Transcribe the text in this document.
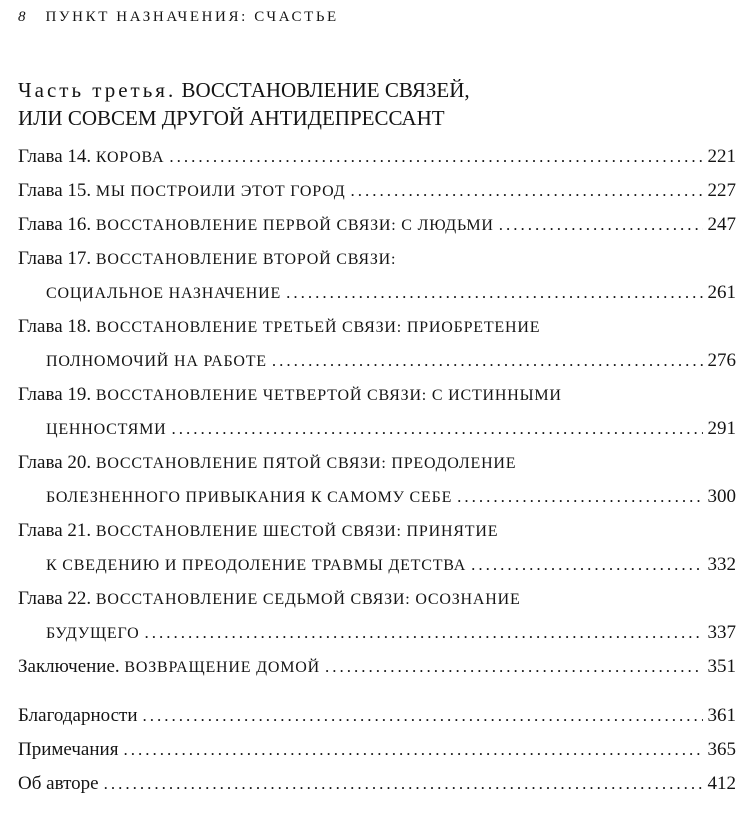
8 ПУНКТ НАЗНАЧЕНИЯ: СЧАСТЬЕ
Часть третья. ВОССТАНОВЛЕНИЕ СВЯЗЕЙ,
ИЛИ СОВСЕМ ДРУГОЙ АНТИДЕПРЕССАНТ
Глава 14.
КОРОВА .....	221
Глава 15.
МЫ ПОСТРОИЛИ ЭТОТ ГОРОД .....	227
Глава 16.
ВОССТАНОВЛЕНИЕ ПЕРВОЙ СВЯЗИ: С ЛЮДЬМИ .....	247
Глава 17.
ВОССТАНОВЛЕНИЕ ВТОРОЙ СВЯЗИ:
СОЦИАЛЬНОЕ НАЗНАЧЕНИЕ .....	261
Глава 18.
ВОССТАНОВЛЕНИЕ ТРЕТЬЕЙ СВЯЗИ: ПРИОБРЕТЕНИЕ
ПОЛНОМОЧИЙ НА РАБОТЕ .....	276
Глава 19.
ВОССТАНОВЛЕНИЕ ЧЕТВЕРТОЙ СВЯЗИ: С ИСТИННЫМИ
ЦЕННОСТЯМИ .....	291
Глава 20.
ВОССТАНОВЛЕНИЕ ПЯТОЙ СВЯЗИ: ПРЕОДОЛЕНИЕ
БОЛЕЗНЕННОГО ПРИВЫКАНИЯ К САМОМУ СЕБЕ .....	300
Глава 21.
ВОССТАНОВЛЕНИЕ ШЕСТОЙ СВЯЗИ: ПРИНЯТИЕ
К СВЕДЕНИЮ И ПРЕОДОЛЕНИЕ ТРАВМЫ ДЕТСТВА .....	332
Глава 22.
ВОССТАНОВЛЕНИЕ СЕДЬМОЙ СВЯЗИ: ОСОЗНАНИЕ
БУДУЩЕГО .....	337
Заключение.
ВОЗВРАЩЕНИЕ ДОМОЙ .....	351
Благодарности .....	361
Примечания .....	365
Об авторе .....	412
